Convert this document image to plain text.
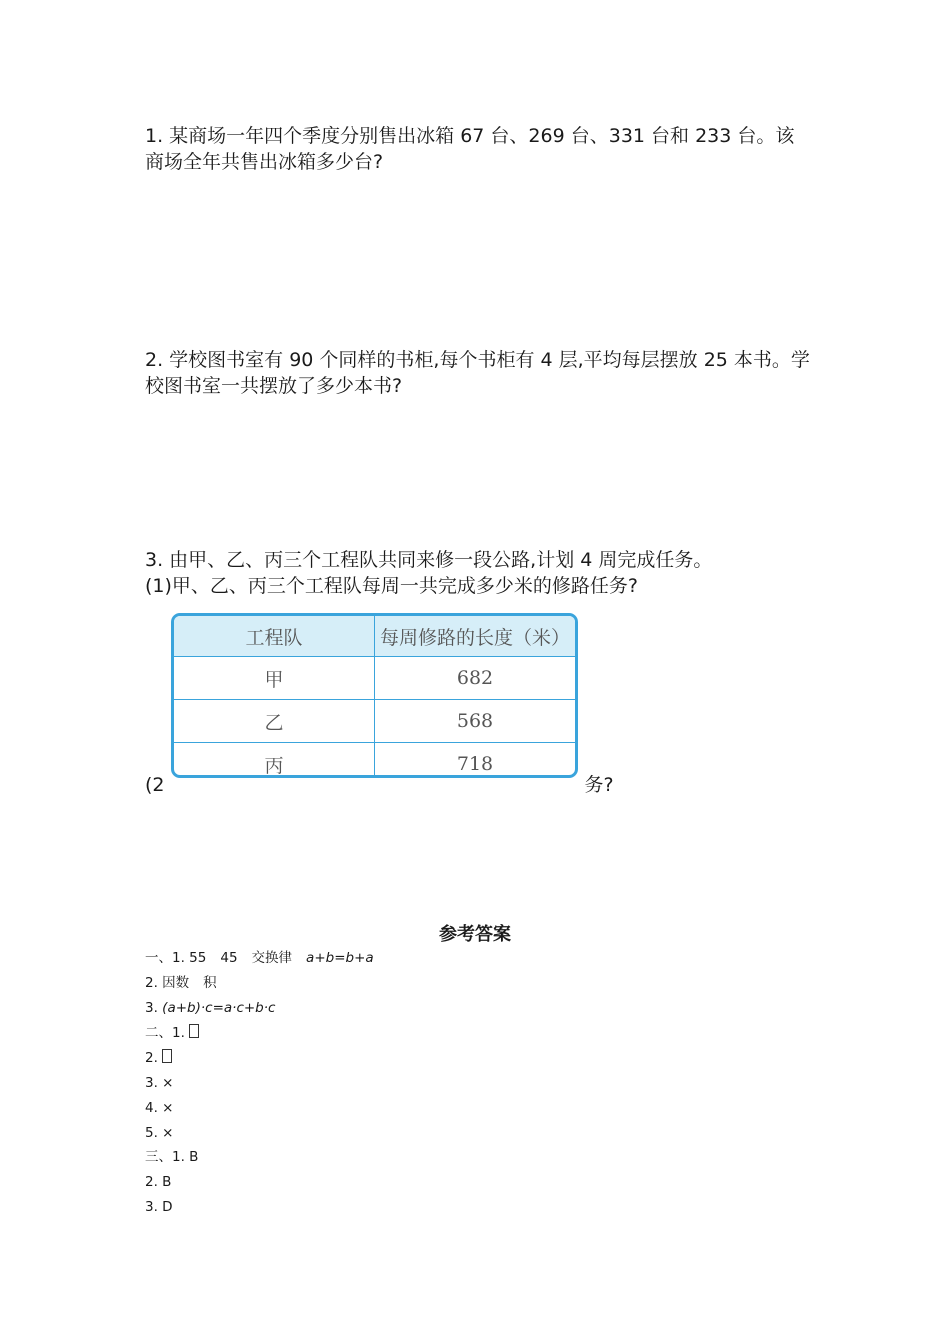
1. 某商场一年四个季度分别售出冰箱 67 台、269 台、331 台和 233 台。该商场全年共售出冰箱多少台?

2. 学校图书室有 90 个同样的书柜,每个书柜有 4 层,平均每层摆放 25 本书。学校图书室一共摆放了多少本书?

3. 由甲、乙、丙三个工程队共同来修一段公路,计划 4 周完成任务。

(1)甲、乙、丙三个工程队每周一共完成多少米的修路任务?

(2	务?

工程队	每周修路的长度（米）
甲	682
乙	568
丙	718
参考答案

一、1. 55 45 交换律 a+b=b+a

2. 因数 积

3. (a+b)·c=a·c+b·c

二、1.

2.

3. ×

4. ×

5. ×

三、1. B

2. B

3. D
